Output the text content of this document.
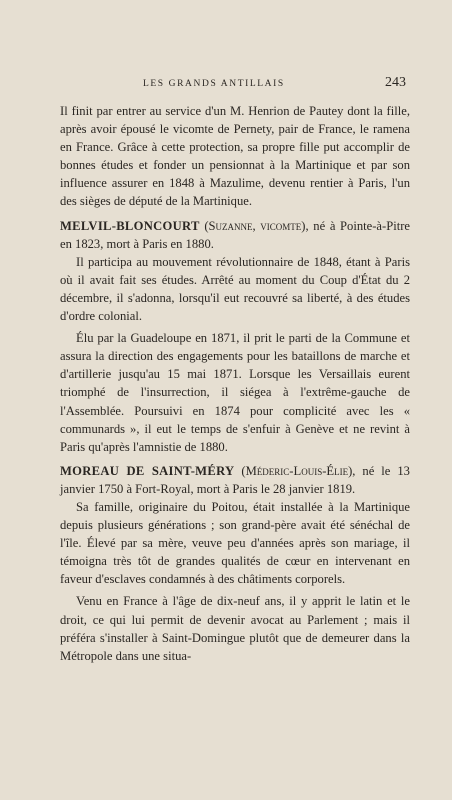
LES GRANDS ANTILLAIS	243

Il finit par entrer au service d'un M. Henrion de Pautey dont la fille, après avoir épousé le vicomte de Pernety, pair de France, le ramena en France. Grâce à cette protection, sa propre fille put accomplir de bonnes études et fonder un pensionnat à la Martinique et par son influence assurer en 1848 à Mazulime, devenu rentier à Paris, l'un des sièges de député de la Martinique.

MELVIL-BLONCOURT (Suzanne, vicomte), né à Pointe-à-Pitre en 1823, mort à Paris en 1880.

Il participa au mouvement révolutionnaire de 1848, étant à Paris où il avait fait ses études. Arrêté au moment du Coup d'État du 2 décembre, il s'adonna, lorsqu'il eut recouvré sa liberté, à des études d'ordre colonial.

Élu par la Guadeloupe en 1871, il prit le parti de la Commune et assura la direction des engagements pour les bataillons de marche et d'artillerie jusqu'au 15 mai 1871. Lorsque les Versaillais eurent triomphé de l'insurrection, il siégea à l'extrême-gauche de l'Assemblée. Poursuivi en 1874 pour complicité avec les « communards », il eut le temps de s'enfuir à Genève et ne revint à Paris qu'après l'amnistie de 1880.

MOREAU DE SAINT-MÉRY (Méderic-Louis-Élie), né le 13 janvier 1750 à Fort-Royal, mort à Paris le 28 janvier 1819.

Sa famille, originaire du Poitou, était installée à la Martinique depuis plusieurs générations ; son grand-père avait été sénéchal de l'île. Élevé par sa mère, veuve peu d'années après son mariage, il témoigna très tôt de grandes qualités de cœur en intervenant en faveur d'esclaves condamnés à des châtiments corporels.

Venu en France à l'âge de dix-neuf ans, il y apprit le latin et le droit, ce qui lui permit de devenir avocat au Parlement ; mais il préféra s'installer à Saint-Domingue plutôt que de demeurer dans la Métropole dans une situa-
